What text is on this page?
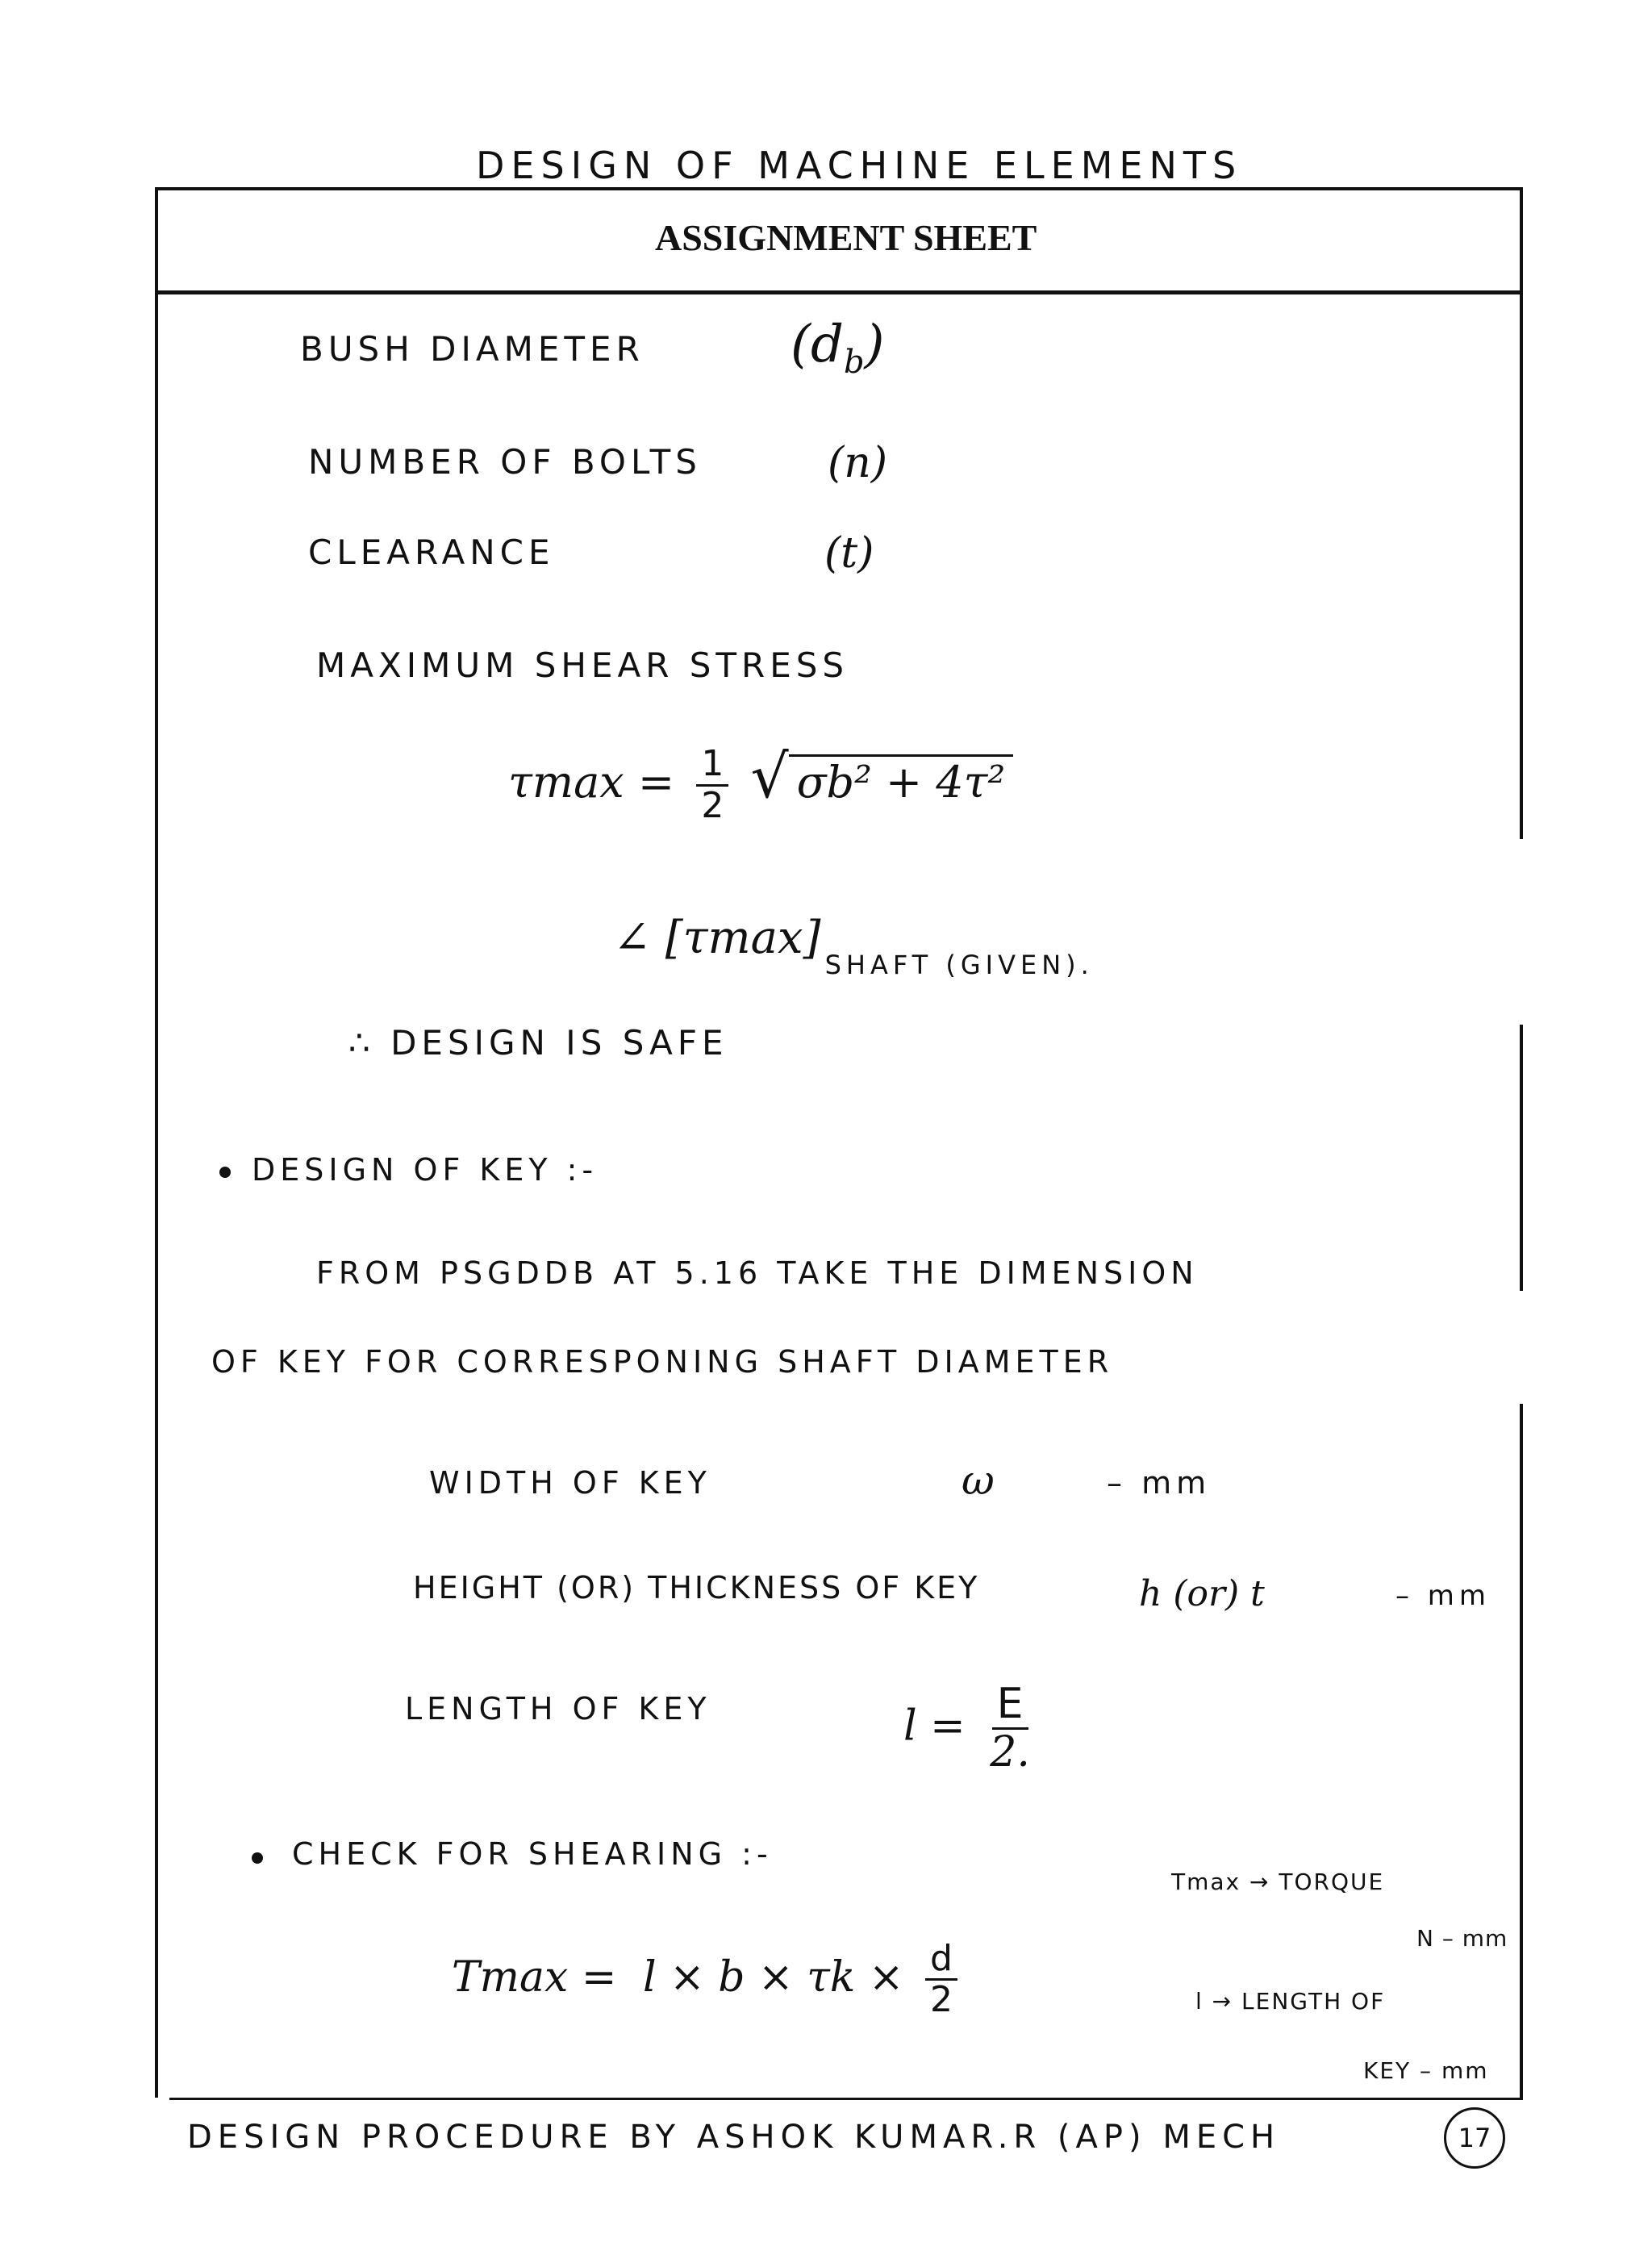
DESIGN OF MACHINE ELEMENTS
ASSIGNMENT SHEET
BUSH DIAMETER	$(d_b)$
NUMBER OF BOLTS	(n)
CLEARANCE	(t)
MAXIMUM SHEAR STRESS
$\tau\max = \frac{1}{2}$ √ σb² + 4τ²
∠ [τmax] SHAFT (GIVEN).
∴ DESIGN IS SAFE
DESIGN OF KEY :-
FROM PSGDDB AT 5.16 TAKE THE DIMENSION
OF KEY FOR CORRESPONING SHAFT DIAMETER
WIDTH OF KEY	ω	– mm
HEIGHT (OR) THICKNESS OF KEY	h (or) t	– mm
LENGTH OF KEY	$l = \frac{E}{2.}$
CHECK FOR SHEARING :-
$Tmax = l \times b \times \tau k \times \frac{d}{2}$
Tmax → TORQUE
N – mm
l → LENGTH OF
KEY – mm
DESIGN PROCEDURE BY ASHOK KUMAR.R (AP) MECH	17
